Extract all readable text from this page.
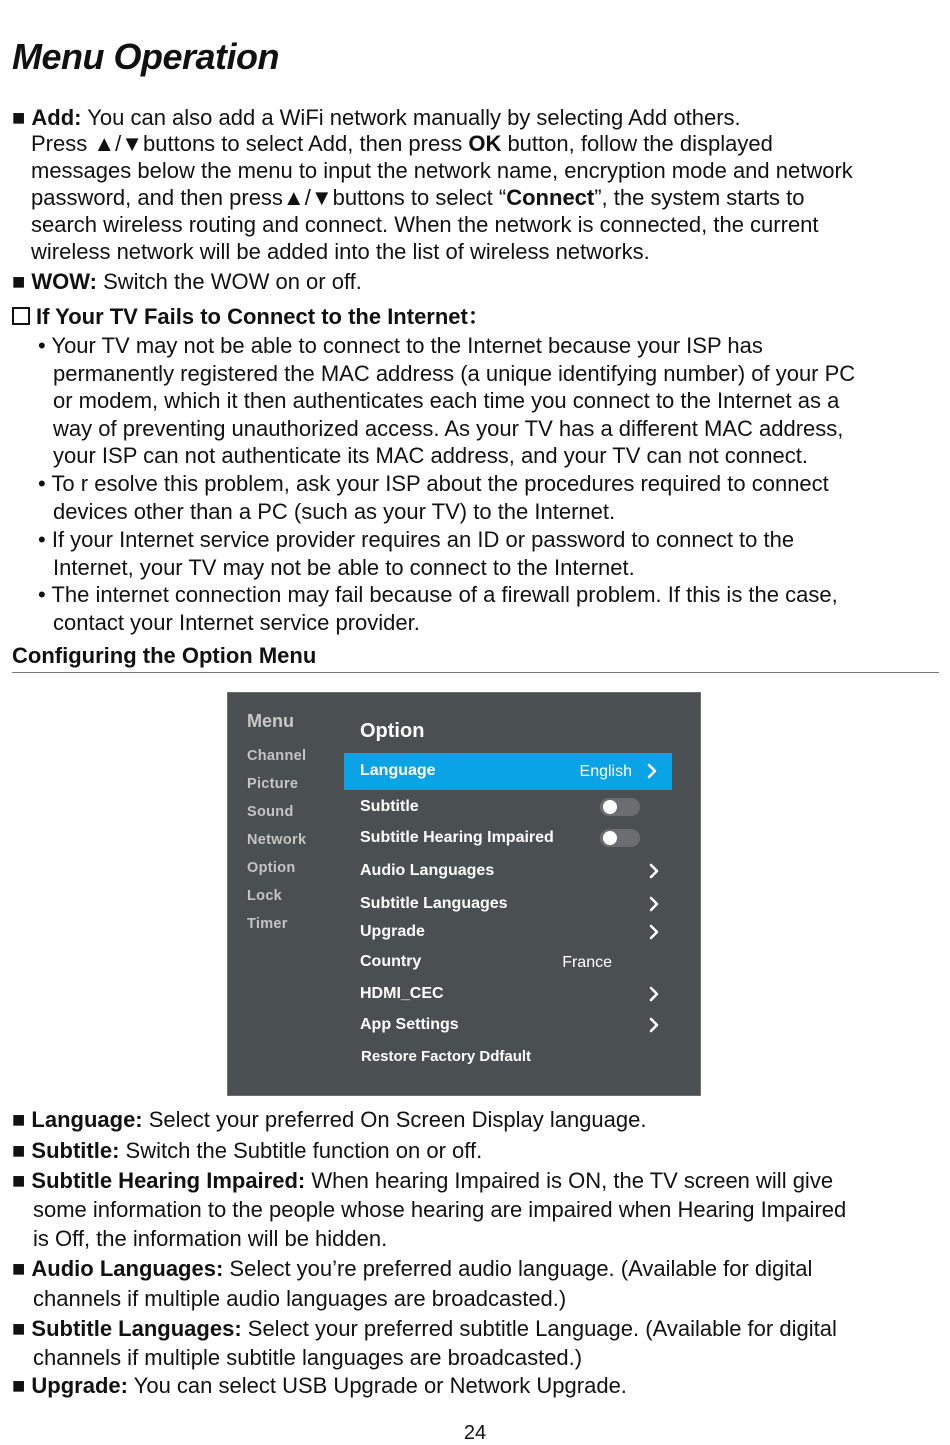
Menu Operation
■ Add: You can also add a WiFi network manually by selecting Add others.
Press ▲/▼buttons to select Add, then press OK button, follow the displayed
messages below the menu to input the network name, encryption mode and network
password, and then press▲/▼buttons to select “Connect”, the system starts to
search wireless routing and connect. When the network is connected, the current
wireless network will be added into the list of wireless networks.
■ WOW: Switch the WOW on or off.
If Your TV Fails to Connect to the Internet：
• Your TV may not be able to connect to the Internet because your ISP has
permanently registered the MAC address (a unique identifying number) of your PC
or modem, which it then authenticates each time you connect to the Internet as a
way of preventing unauthorized access. As your TV has a different MAC address,
your ISP can not authenticate its MAC address, and your TV can not connect.
• To r esolve this problem, ask your ISP about the procedures required to connect
devices other than a PC (such as your TV) to the Internet.
• If your Internet service provider requires an ID or password to connect to the
Internet, your TV may not be able to connect to the Internet.
• The internet connection may fail because of a firewall problem. If this is the case,
contact your Internet service provider.
Configuring the Option Menu
Menu
Channel
Picture
Sound
Network
Option
Lock
Timer
Option
Language	English
Subtitle
Subtitle Hearing Impaired
Audio Languages
Subtitle Languages
Upgrade
Country	France
HDMI_CEC
App Settings
Restore Factory Ddfault
■ Language: Select your preferred On Screen Display language.
■ Subtitle: Switch the Subtitle function on or off.
■ Subtitle Hearing Impaired: When hearing Impaired is ON, the TV screen will give
some information to the people whose hearing are impaired when Hearing Impaired
is Off, the information will be hidden.
■ Audio Languages: Select you’re preferred audio language. (Available for digital
channels if multiple audio languages are broadcasted.)
■ Subtitle Languages: Select your preferred subtitle Language. (Available for digital
channels if multiple subtitle languages are broadcasted.)
■ Upgrade: You can select USB Upgrade or Network Upgrade.
24
